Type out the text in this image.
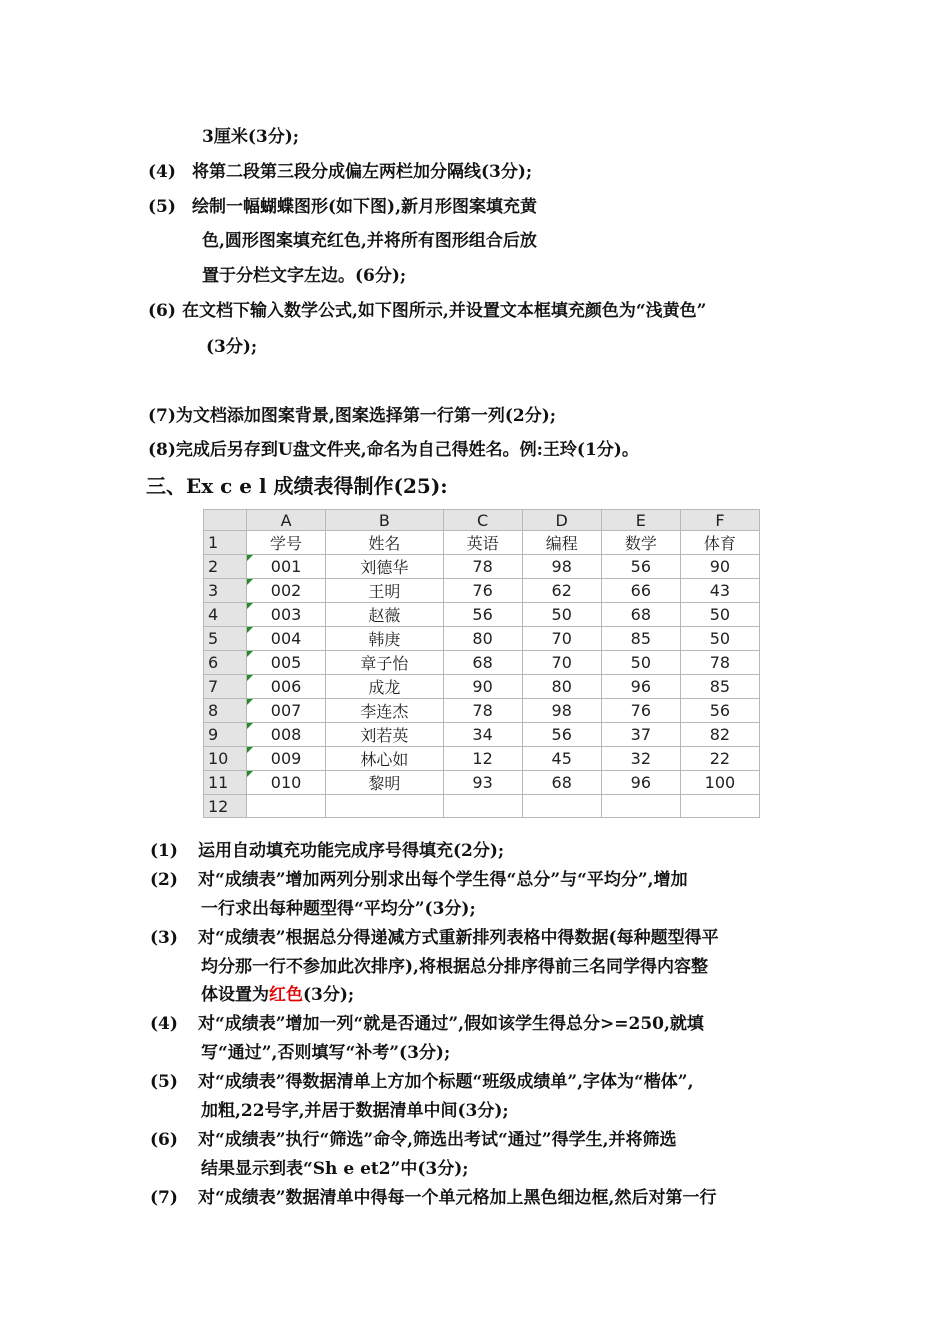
3厘米(3分);
(4) 将第二段第三段分成偏左两栏加分隔线(3分);
(5) 绘制一幅蝴蝶图形(如下图),新月形图案填充黄
色,圆形图案填充红色,并将所有图形组合后放
置于分栏文字左边。(6分);
(6) 在文档下输入数学公式,如下图所示,并设置文本框填充颜色为“浅黄色”
(3分);
(7)为文档添加图案背景,图案选择第一行第一列(2分);
(8)完成后另存到U盘文件夹,命名为自己得姓名。例:王玲(1分)。
三、Ex c e l 成绩表得制作(25):
	A	B	C	D	E	F
1	学号	姓名	英语	编程	数学	体育
2	001	刘德华	78	98	56	90
3	002	王明	76	62	66	43
4	003	赵薇	56	50	68	50
5	004	韩庚	80	70	85	50
6	005	章子怡	68	70	50	78
7	006	成龙	90	80	96	85
8	007	李连杰	78	98	76	56
9	008	刘若英	34	56	37	82
10	009	林心如	12	45	32	22
11	010	黎明	93	68	96	100
12						
(1) 运用自动填充功能完成序号得填充(2分);
(2) 对“成绩表”增加两列分别求出每个学生得“总分”与“平均分”,增加
一行求出每种题型得“平均分”(3分);
(3) 对“成绩表”根据总分得递减方式重新排列表格中得数据(每种题型得平
均分那一行不参加此次排序),将根据总分排序得前三名同学得内容整
体设置为红色(3分);
(4) 对“成绩表”增加一列“就是否通过”,假如该学生得总分>=250,就填
写“通过”,否则填写“补考”(3分);
(5) 对“成绩表”得数据清单上方加个标题“班级成绩单”,字体为“楷体”,
加粗,22号字,并居于数据清单中间(3分);
(6) 对“成绩表”执行“筛选”命令,筛选出考试“通过”得学生,并将筛选
结果显示到表“Sh e et2”中(3分);
(7) 对“成绩表”数据清单中得每一个单元格加上黑色细边框,然后对第一行
